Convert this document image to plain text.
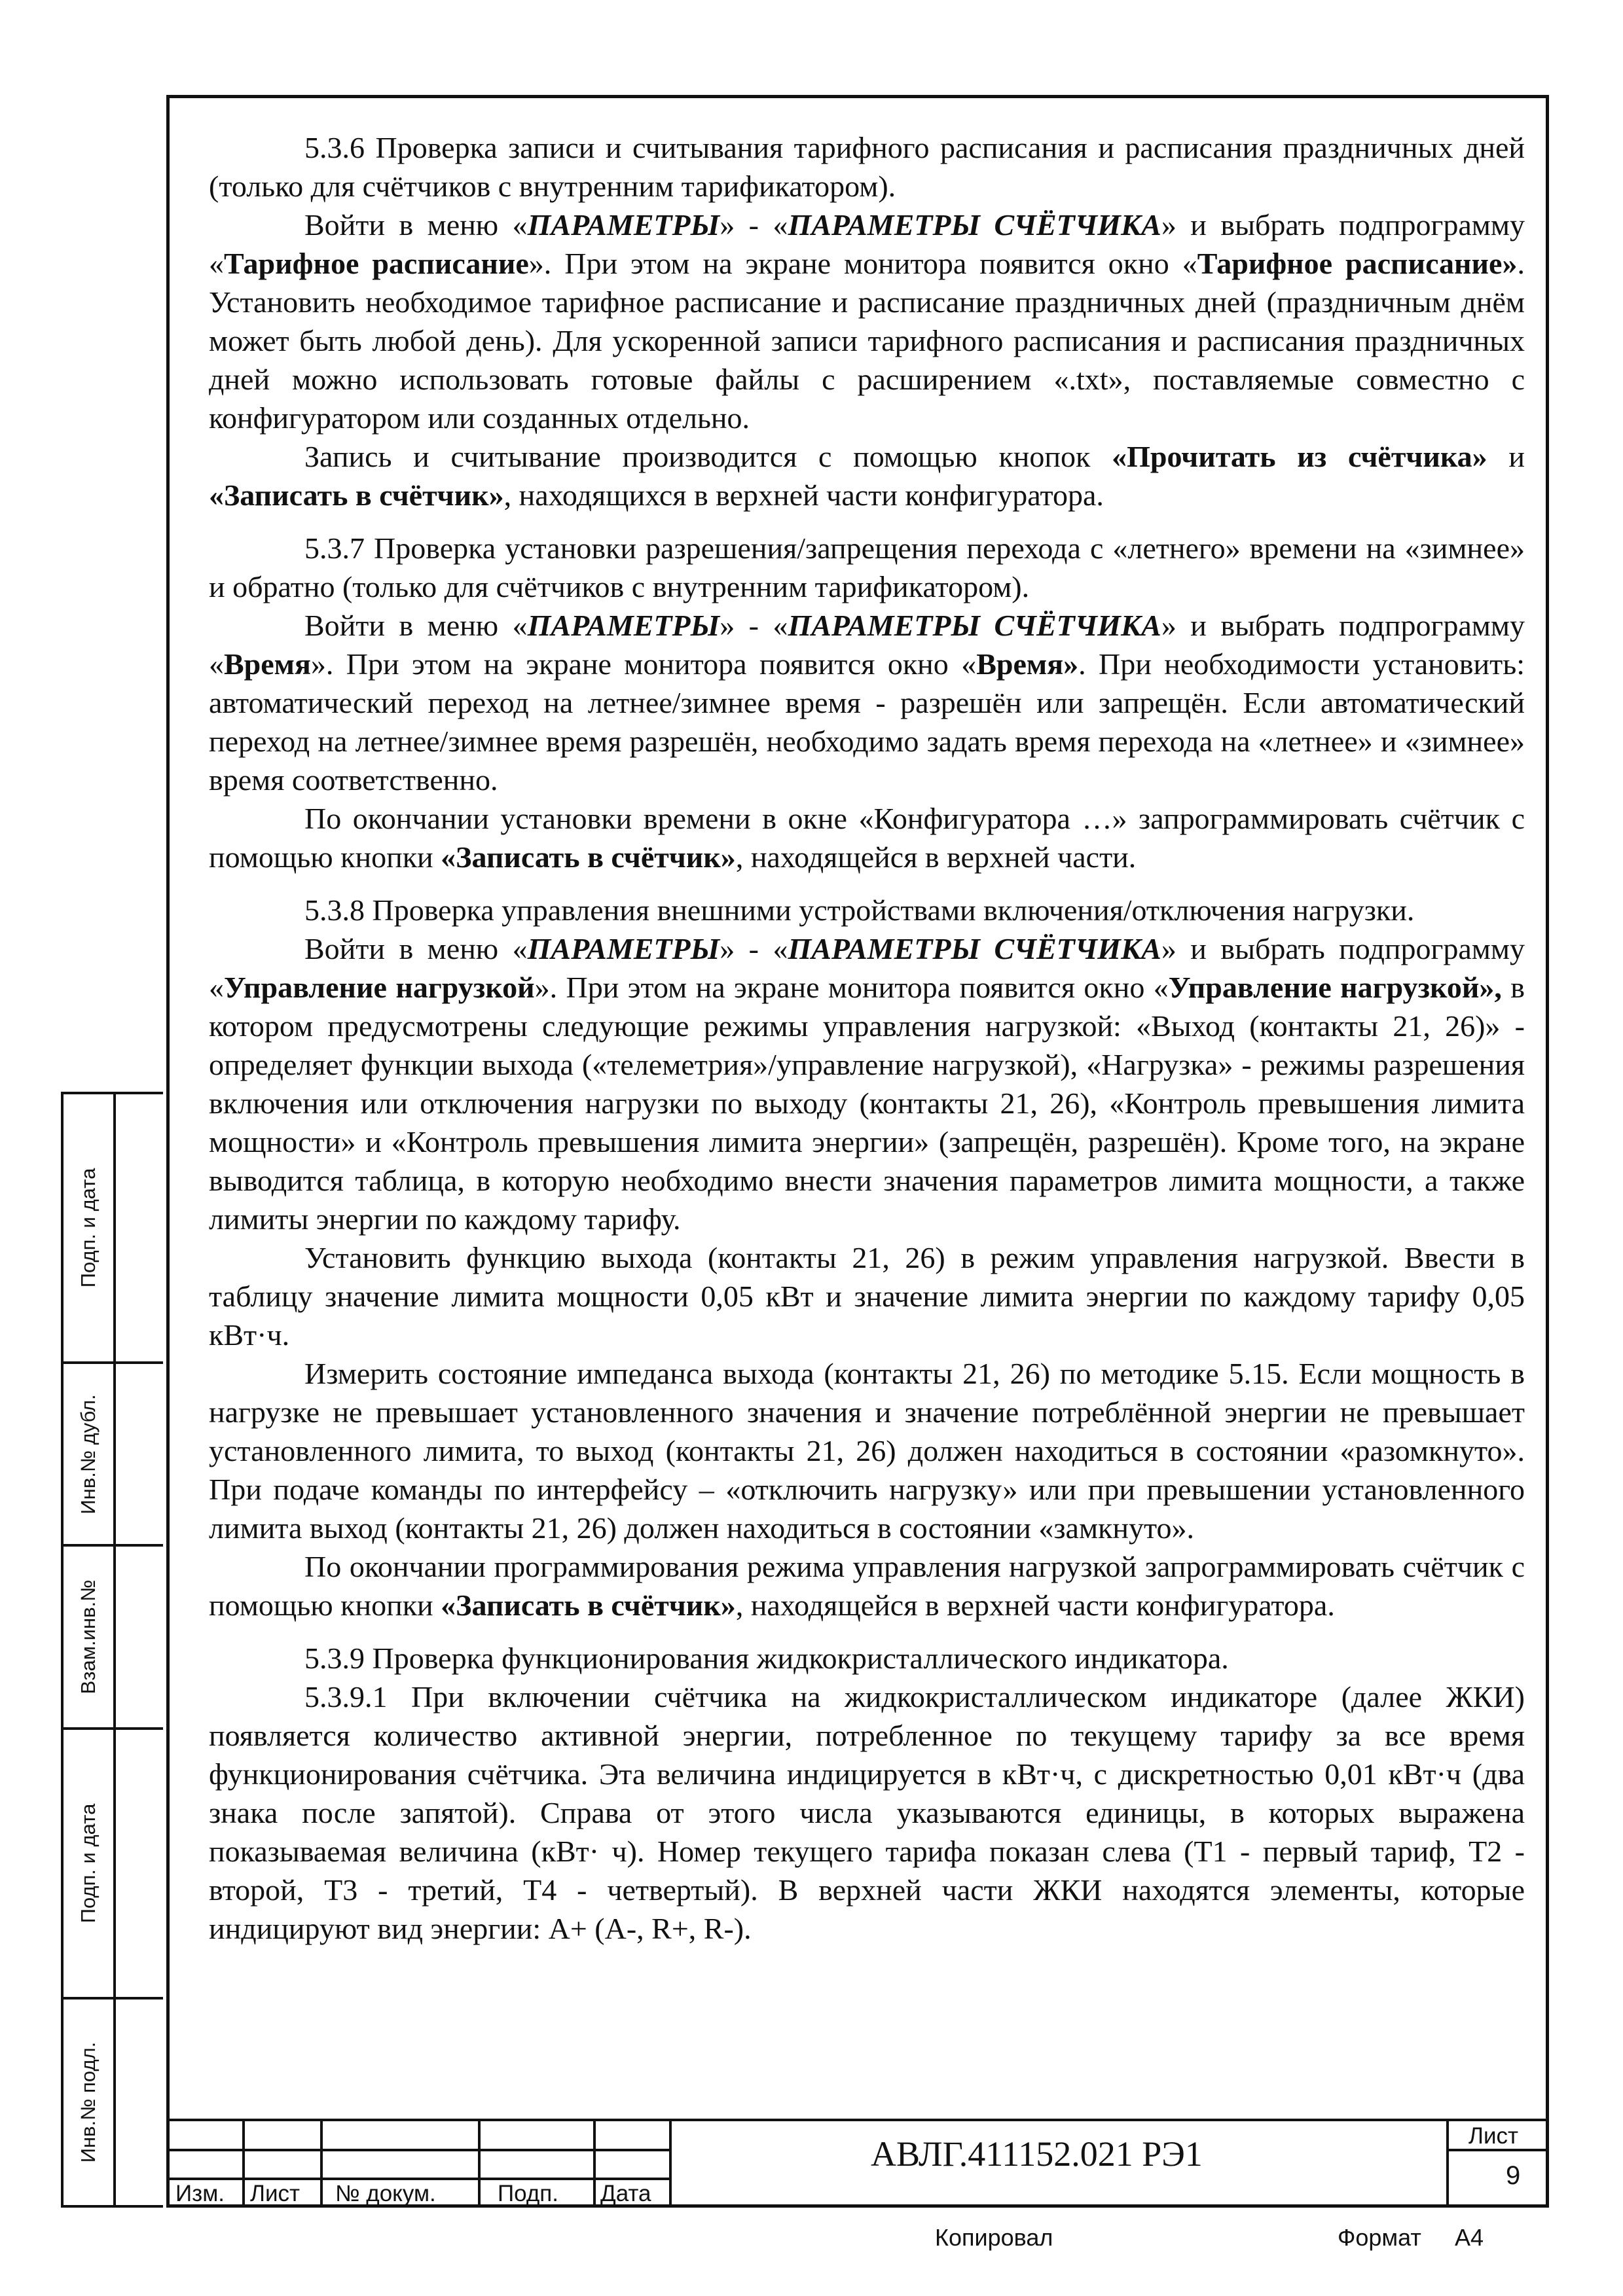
5.3.6 Проверка записи и считывания тарифного расписания и расписания праздничных дней (только для счётчиков с внутренним тарификатором).

Войти в меню «ПАРАМЕТРЫ» - «ПАРАМЕТРЫ СЧЁТЧИКА» и выбрать подпрограмму «Тарифное расписание». При этом на экране монитора появится окно «Тарифное расписание». Установить необходимое тарифное расписание и расписание праздничных дней (праздничным днём может быть любой день). Для ускоренной записи тарифного расписания и расписания праздничных дней можно использовать готовые файлы с расширением «.txt», поставляемые совместно с конфигуратором или созданных отдельно.

Запись и считывание производится с помощью кнопок «Прочитать из счётчика» и «Записать в счётчик», находящихся в верхней части конфигуратора.

5.3.7 Проверка установки разрешения/запрещения перехода с «летнего» времени на «зимнее» и обратно (только для счётчиков с внутренним тарификатором).

Войти в меню «ПАРАМЕТРЫ» - «ПАРАМЕТРЫ СЧЁТЧИКА» и выбрать подпрограмму «Время». При этом на экране монитора появится окно «Время». При необходимости установить: автоматический переход на летнее/зимнее время - разрешён или запрещён. Если автоматический переход на летнее/зимнее время разрешён, необходимо задать время перехода на «летнее» и «зимнее» время соответственно.

По окончании установки времени в окне «Конфигуратора …» запрограммировать счётчик с помощью кнопки «Записать в счётчик», находящейся в верхней части.

5.3.8 Проверка управления внешними устройствами включения/отключения нагрузки.

Войти в меню «ПАРАМЕТРЫ» - «ПАРАМЕТРЫ СЧЁТЧИКА» и выбрать подпрограмму «Управление нагрузкой». При этом на экране монитора появится окно «Управление нагрузкой», в котором предусмотрены следующие режимы управления нагрузкой: «Выход (контакты 21, 26)» - определяет функции выхода («телеметрия»/управление нагрузкой), «Нагрузка» - режимы разрешения включения или отключения нагрузки по выходу (контакты 21, 26), «Контроль превышения лимита мощности» и «Контроль превышения лимита энергии» (запрещён, разрешён). Кроме того, на экране выводится таблица, в которую необходимо внести значения параметров лимита мощности, а также лимиты энергии по каждому тарифу.

Установить функцию выхода (контакты 21, 26) в режим управления нагрузкой. Ввести в таблицу значение лимита мощности 0,05 кВт и значение лимита энергии по каждому тарифу 0,05 кВт·ч.

Измерить состояние импеданса выхода (контакты 21, 26) по методике 5.15. Если мощность в нагрузке не превышает установленного значения и значение потреблённой энергии не превышает установленного лимита, то выход (контакты 21, 26) должен находиться в состоянии «разомкнуто». При подаче команды по интерфейсу – «отключить нагрузку» или при превышении установленного лимита выход (контакты 21, 26) должен находиться в состоянии «замкнуто».

По окончании программирования режима управления нагрузкой запрограммировать счётчик с помощью кнопки «Записать в счётчик», находящейся в верхней части конфигуратора.

5.3.9 Проверка функционирования жидкокристаллического индикатора.

5.3.9.1 При включении счётчика на жидкокристаллическом индикаторе (далее ЖКИ) появляется количество активной энергии, потребленное по текущему тарифу за все время функционирования счётчика. Эта величина индицируется в кВт·ч, с дискретностью 0,01 кВт·ч (два знака после запятой). Справа от этого числа указываются единицы, в которых выражена показываемая величина (кВт· ч). Номер текущего тарифа показан слева (Т1 - первый тариф, Т2 - второй, Т3 - третий, Т4 - четвертый). В верхней части ЖКИ находятся элементы, которые индицируют вид энергии: А+ (А-, R+, R-).

Подп. и дата
Инв.№ дубл.
Взам.инв.№
Подп. и дата
Инв.№ подл.
Изм. Лист № докум.	Подп. Дата
АВЛГ.411152.021 РЭ1	Лист
9
Копировал	Формат А4
